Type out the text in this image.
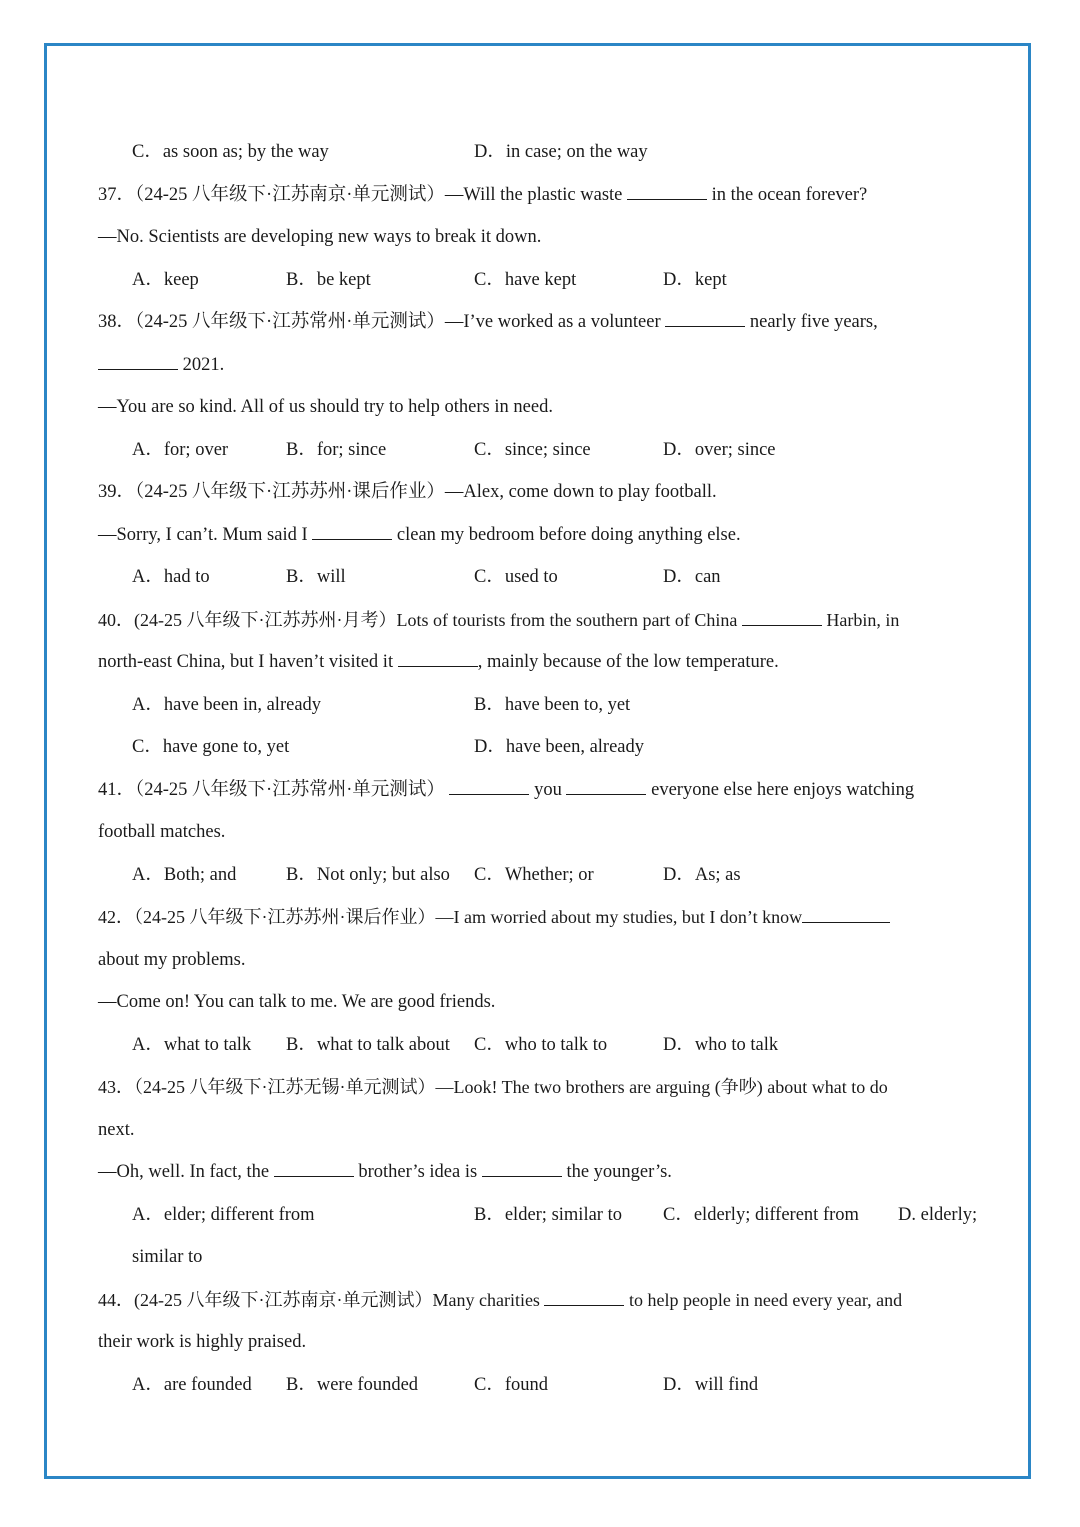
C．as soon as; by the way	D．in case; on the way
37．（24-25 八年级下·江苏南京·单元测试）—Will the plastic waste	in the ocean forever?
—No. Scientists are developing new ways to break it down.
A．keep	B．be kept	C．have kept	D．kept
38．（24-25 八年级下·江苏常州·单元测试）—I’ve worked as a volunteer	nearly five years,
2021.
—You are so kind. All of us should try to help others in need.
A．for; over	B．for; since	C．since; since	D．over; since
39．（24-25 八年级下·江苏苏州·课后作业）—Alex, come down to play football.
—Sorry, I can’t. Mum said I	clean my bedroom before doing anything else.
A．had to	B．will	C．used to	D．can
40．(24-25 八年级下·江苏苏州·月考）Lots of tourists from the southern part of China	Harbin, in
north-east China, but I haven’t visited it	, mainly because of the low temperature.
A．have been in, already	B．have been to, yet
C．have gone to, yet	D．have been, already
41．（24-25 八年级下·江苏常州·单元测试）	you	everyone else here enjoys watching
football matches.
A．Both; and	B．Not only; but also C．Whether; or	D．As; as
42．（24-25 八年级下·江苏苏州·课后作业）—I am worried about my studies, but I don’t know
about my problems.
—Come on! You can talk to me. We are good friends.
A．what to talk B．what to talk about C．who to talk to	D．who to talk
43．（24-25 八年级下·江苏无锡·单元测试）—Look! The two brothers are arguing (争吵) about what to do
next.
—Oh, well. In fact, the	brother’s idea is	the younger’s.
A．elder; different from	B．elder; similar to C．elderly; different from D. elderly;
similar to
44．(24-25 八年级下·江苏南京·单元测试）Many charities	to help people in need every year, and
their work is highly praised.
A．are founded B．were founded	C．found	D．will find
